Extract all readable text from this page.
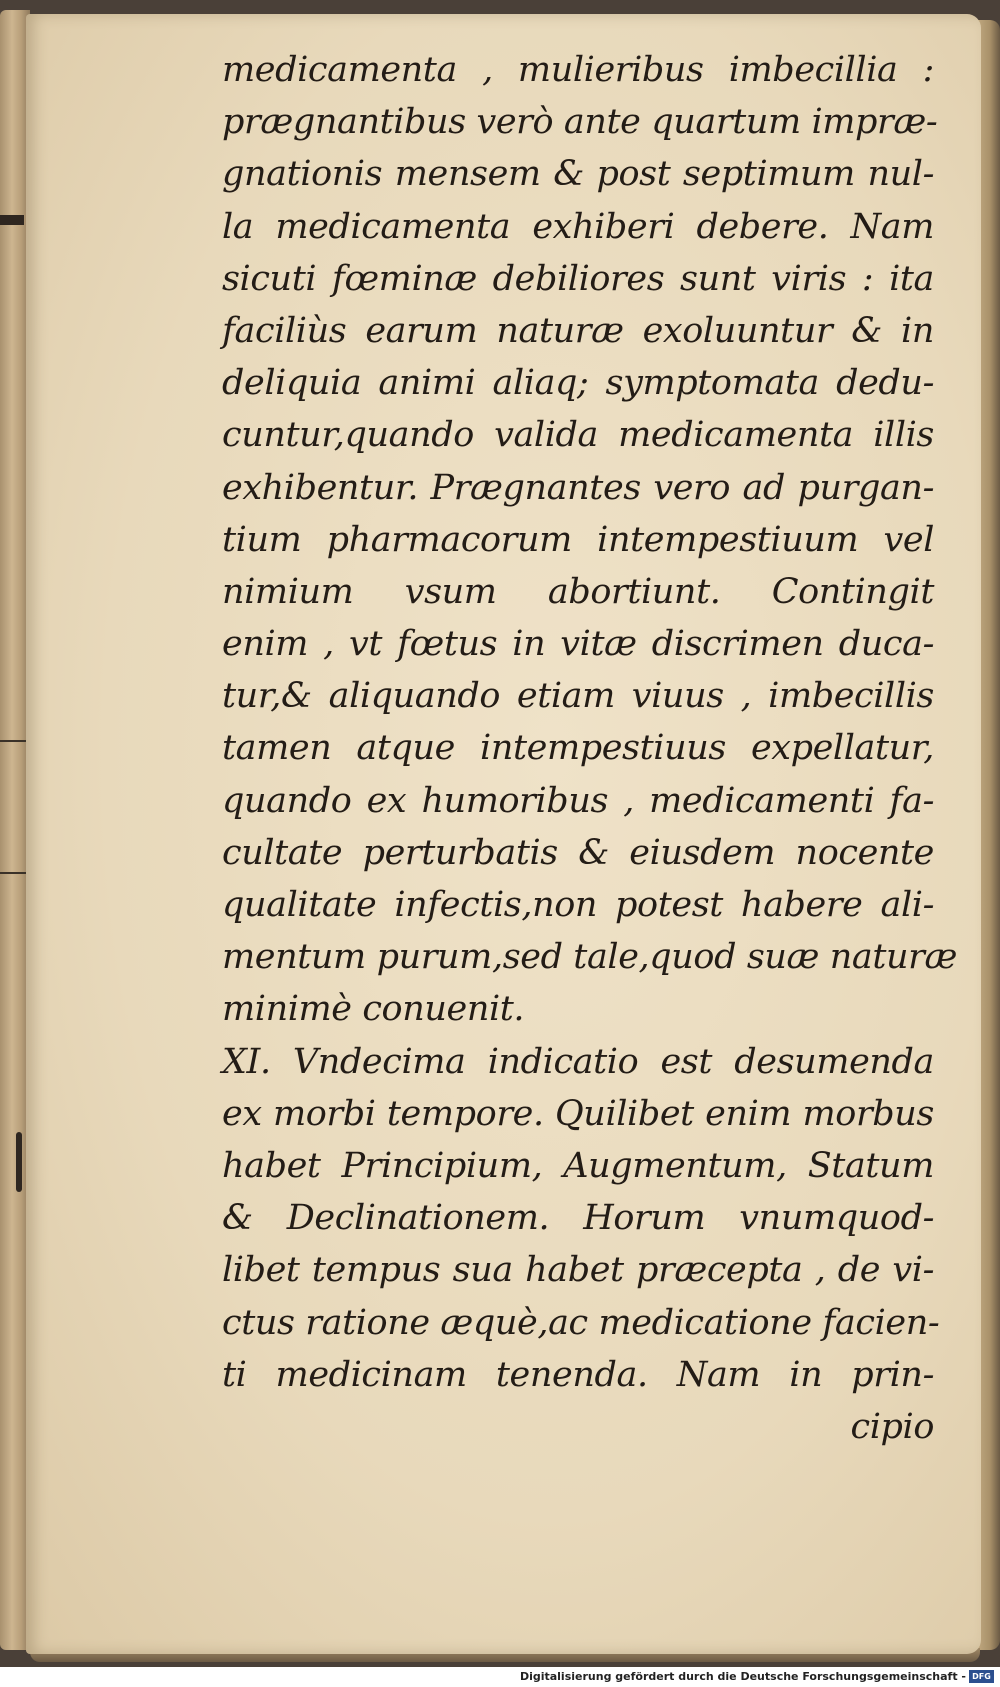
medicamenta , mulieribus imbecillia :
prægnantibus verò ante quartum impræ-
gnationis mensem & post septimum nul-
la medicamenta exhiberi debere. Nam
sicuti fœminæ debiliores sunt viris : ita
faciliùs earum naturæ exoluuntur & in
deliquia animi aliaq; symptomata dedu-
cuntur,quando valida medicamenta illis
exhibentur. Prægnantes vero ad purgan-
tium pharmacorum intempestiuum vel
nimium vsum abortiunt. Contingit
enim , vt fœtus in vitæ discrimen duca-
tur,& aliquando etiam viuus , imbecillis
tamen atque intempestiuus expellatur,
quando ex humoribus , medicamenti fa-
cultate perturbatis & eiusdem nocente
qualitate infectis,non potest habere ali-
mentum purum,sed tale,quod suæ naturæ
minimè conuenit.
XI. Vndecima indicatio est desumenda
ex morbi tempore. Quilibet enim morbus
habet Principium, Augmentum, Statum
& Declinationem. Horum vnumquod-
libet tempus sua habet præcepta , de vi-
ctus ratione æquè,ac medicatione facien-
ti medicinam tenenda. Nam in prin-
cipio
Digitalisierung gefördert durch die Deutsche Forschungsgemeinschaft - DFG
